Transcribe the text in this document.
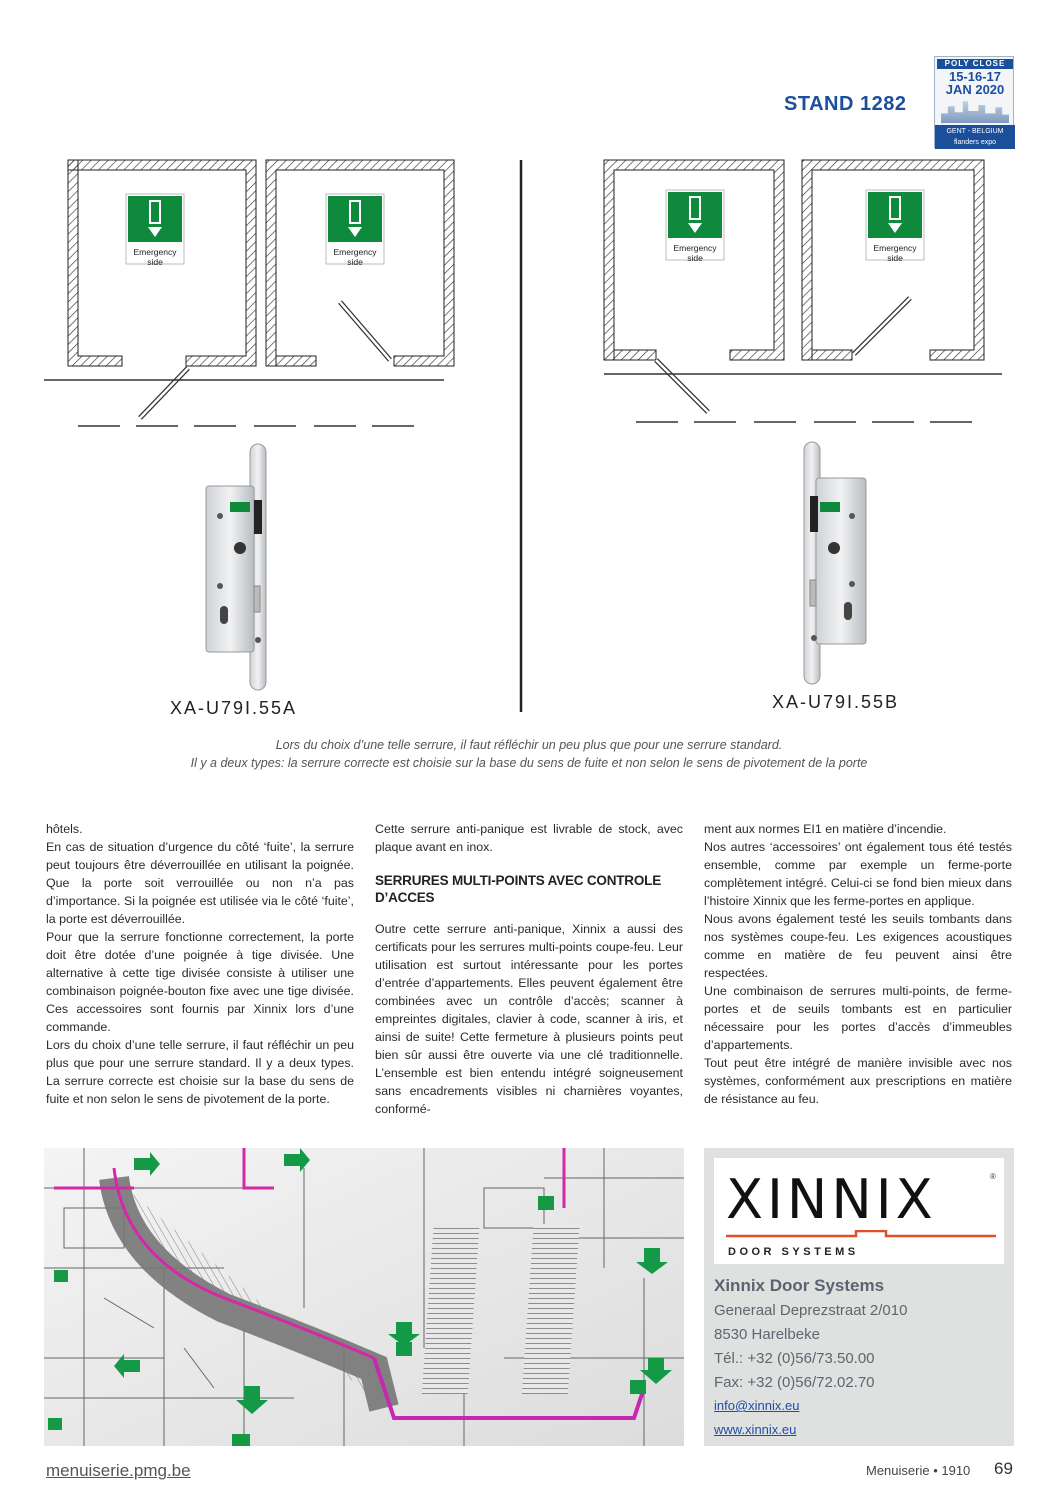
STAND 1282
POLY CLOSE
15-16-17
JAN 2020
GENT - BELGIUM
flanders expo
Emergency
side
Emergency
side
Emergency
side
Emergency
side
XA-U79I.55A	XA-U79I.55B
Lors du choix d’une telle serrure, il faut réfléchir un peu plus que pour une serrure standard.
Il y a deux types: la serrure correcte est choisie sur la base du sens de fuite et non selon le sens de pivotement de la porte

hôtels.

En cas de situation d’urgence du côté ‘fuite’, la serrure peut toujours être déverrouillée en utilisant la poignée. Que la porte soit verrouillée ou non n’a pas d’importance. Si la poignée est utilisée via le côté ‘fuite’, la porte est déverrouillée.

Pour que la serrure fonctionne correctement, la porte doit être dotée d’une poignée à tige divisée. Une alternative à cette tige divisée consiste à utiliser une combinaison poignée-bouton fixe avec une tige divisée. Ces accessoires sont fournis par Xinnix lors d’une commande.

Lors du choix d’une telle serrure, il faut réfléchir un peu plus que pour une serrure standard. Il y a deux types. La serrure correcte est choisie sur la base du sens de fuite et non selon le sens de pivotement de la porte.

Cette serrure anti-panique est livrable de stock, avec plaque avant en inox.

SERRURES MULTI-POINTS AVEC CONTROLE D’ACCES

Outre cette serrure anti-panique, Xinnix a aussi des certificats pour les serrures multi-points coupe-feu. Leur utilisation est surtout intéressante pour les portes d’entrée d’appartements. Elles peuvent également être combinées avec un contrôle d’accès; scanner à empreintes digitales, clavier à code, scanner à iris, et ainsi de suite! Cette fermeture à plusieurs points peut bien sûr aussi être ouverte via une clé traditionnelle. L’ensemble est bien entendu intégré soigneusement sans encadrements visibles ni charnières voyantes, conformé-

ment aux normes EI1 en matière d’incendie.

Nos autres ‘accessoires’ ont également tous été testés ensemble, comme par exemple un ferme-porte complètement intégré. Celui-ci se fond bien mieux dans l’histoire Xinnix que les ferme-portes en applique.

Nous avons également testé les seuils tombants dans nos systèmes coupe-feu. Les exigences acoustiques comme en matière de feu peuvent ainsi être respectées.

Une combinaison de serrures multi-points, de ferme-portes et de seuils tombants est en particulier nécessaire pour les portes d’accès d’immeubles d’appartements.

Tout peut être intégré de manière invisible avec nos systèmes, conformément aux prescriptions en matière de résistance au feu.

XINNIX	®
DOOR SYSTEMS
Xinnix Door Systems
Generaal Deprezstraat 2/010
8530 Harelbeke
Tél.: +32 (0)56/73.50.00
Fax: +32 (0)56/72.02.70
info@xinnix.eu
www.xinnix.eu
menuiserie.pmg.be	Menuiserie • 1910 69
